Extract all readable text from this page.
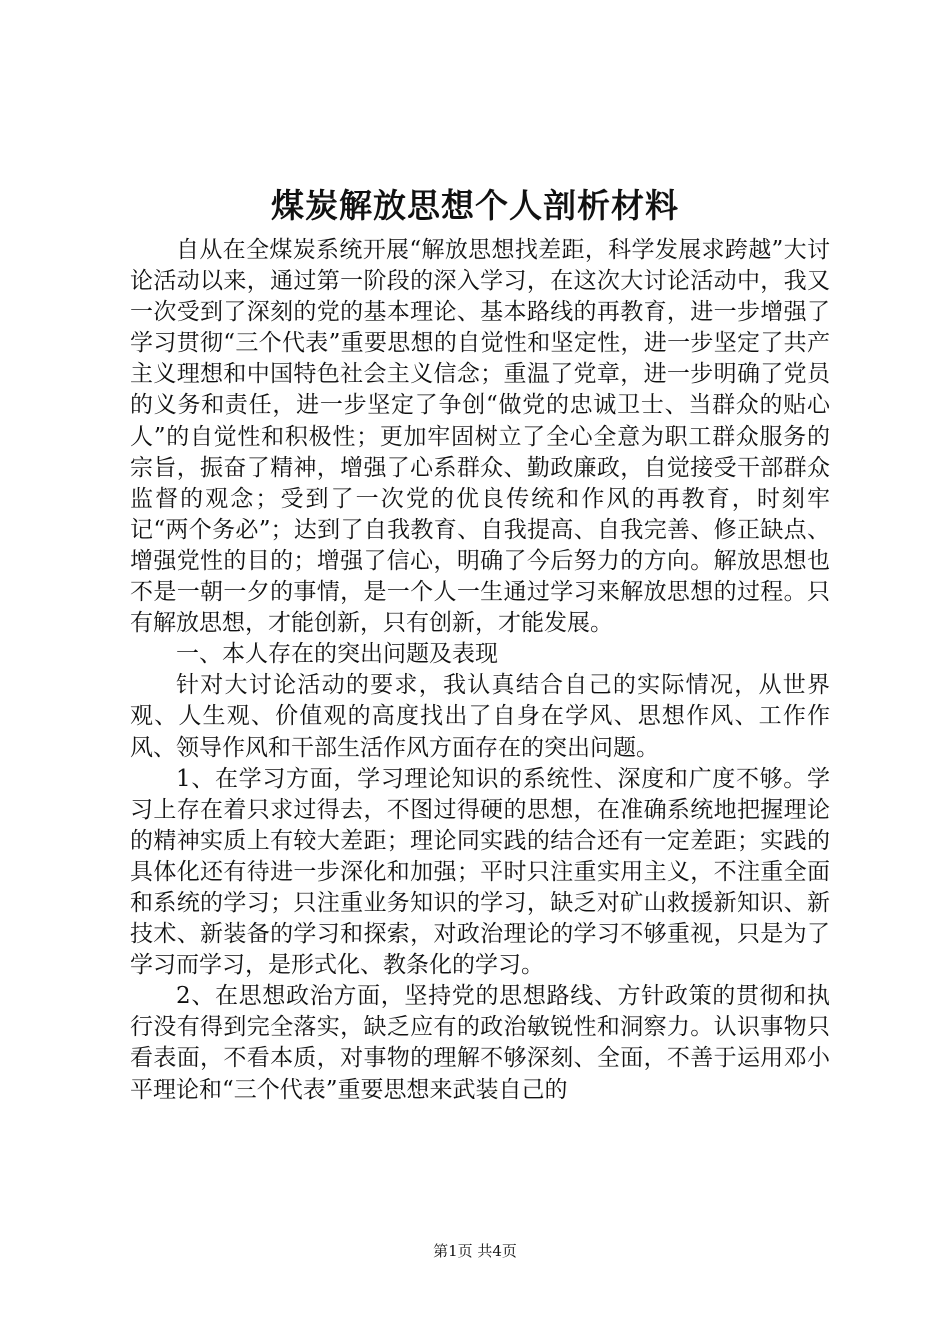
煤炭解放思想个人剖析材料

自从在全煤炭系统开展“解放思想找差距，科学发展求跨越”大讨论活动以来，通过第一阶段的深入学习，在这次大讨论活动中，我又一次受到了深刻的党的基本理论、基本路线的再教育，进一步增强了学习贯彻“三个代表”重要思想的自觉性和坚定性，进一步坚定了共产主义理想和中国特色社会主义信念；重温了党章，进一步明确了党员的义务和责任，进一步坚定了争创“做党的忠诚卫士、当群众的贴心人”的自觉性和积极性；更加牢固树立了全心全意为职工群众服务的宗旨，振奋了精神，增强了心系群众、勤政廉政，自觉接受干部群众监督的观念；受到了一次党的优良传统和作风的再教育，时刻牢记“两个务必”；达到了自我教育、自我提高、自我完善、修正缺点、增强党性的目的；增强了信心，明确了今后努力的方向。解放思想也不是一朝一夕的事情，是一个人一生通过学习来解放思想的过程。只有解放思想，才能创新，只有创新，才能发展。

一、本人存在的突出问题及表现

针对大讨论活动的要求，我认真结合自己的实际情况，从世界观、人生观、价值观的高度找出了自身在学风、思想作风、工作作风、领导作风和干部生活作风方面存在的突出问题。

1、在学习方面，学习理论知识的系统性、深度和广度不够。学习上存在着只求过得去，不图过得硬的思想，在准确系统地把握理论的精神实质上有较大差距；理论同实践的结合还有一定差距；实践的具体化还有待进一步深化和加强；平时只注重实用主义，不注重全面和系统的学习；只注重业务知识的学习，缺乏对矿山救援新知识、新技术、新装备的学习和探索，对政治理论的学习不够重视，只是为了学习而学习，是形式化、教条化的学习。

2、在思想政治方面，坚持党的思想路线、方针政策的贯彻和执行没有得到完全落实，缺乏应有的政治敏锐性和洞察力。认识事物只看表面，不看本质，对事物的理解不够深刻、全面，不善于运用邓小平理论和“三个代表”重要思想来武装自己的

第1页 共4页
